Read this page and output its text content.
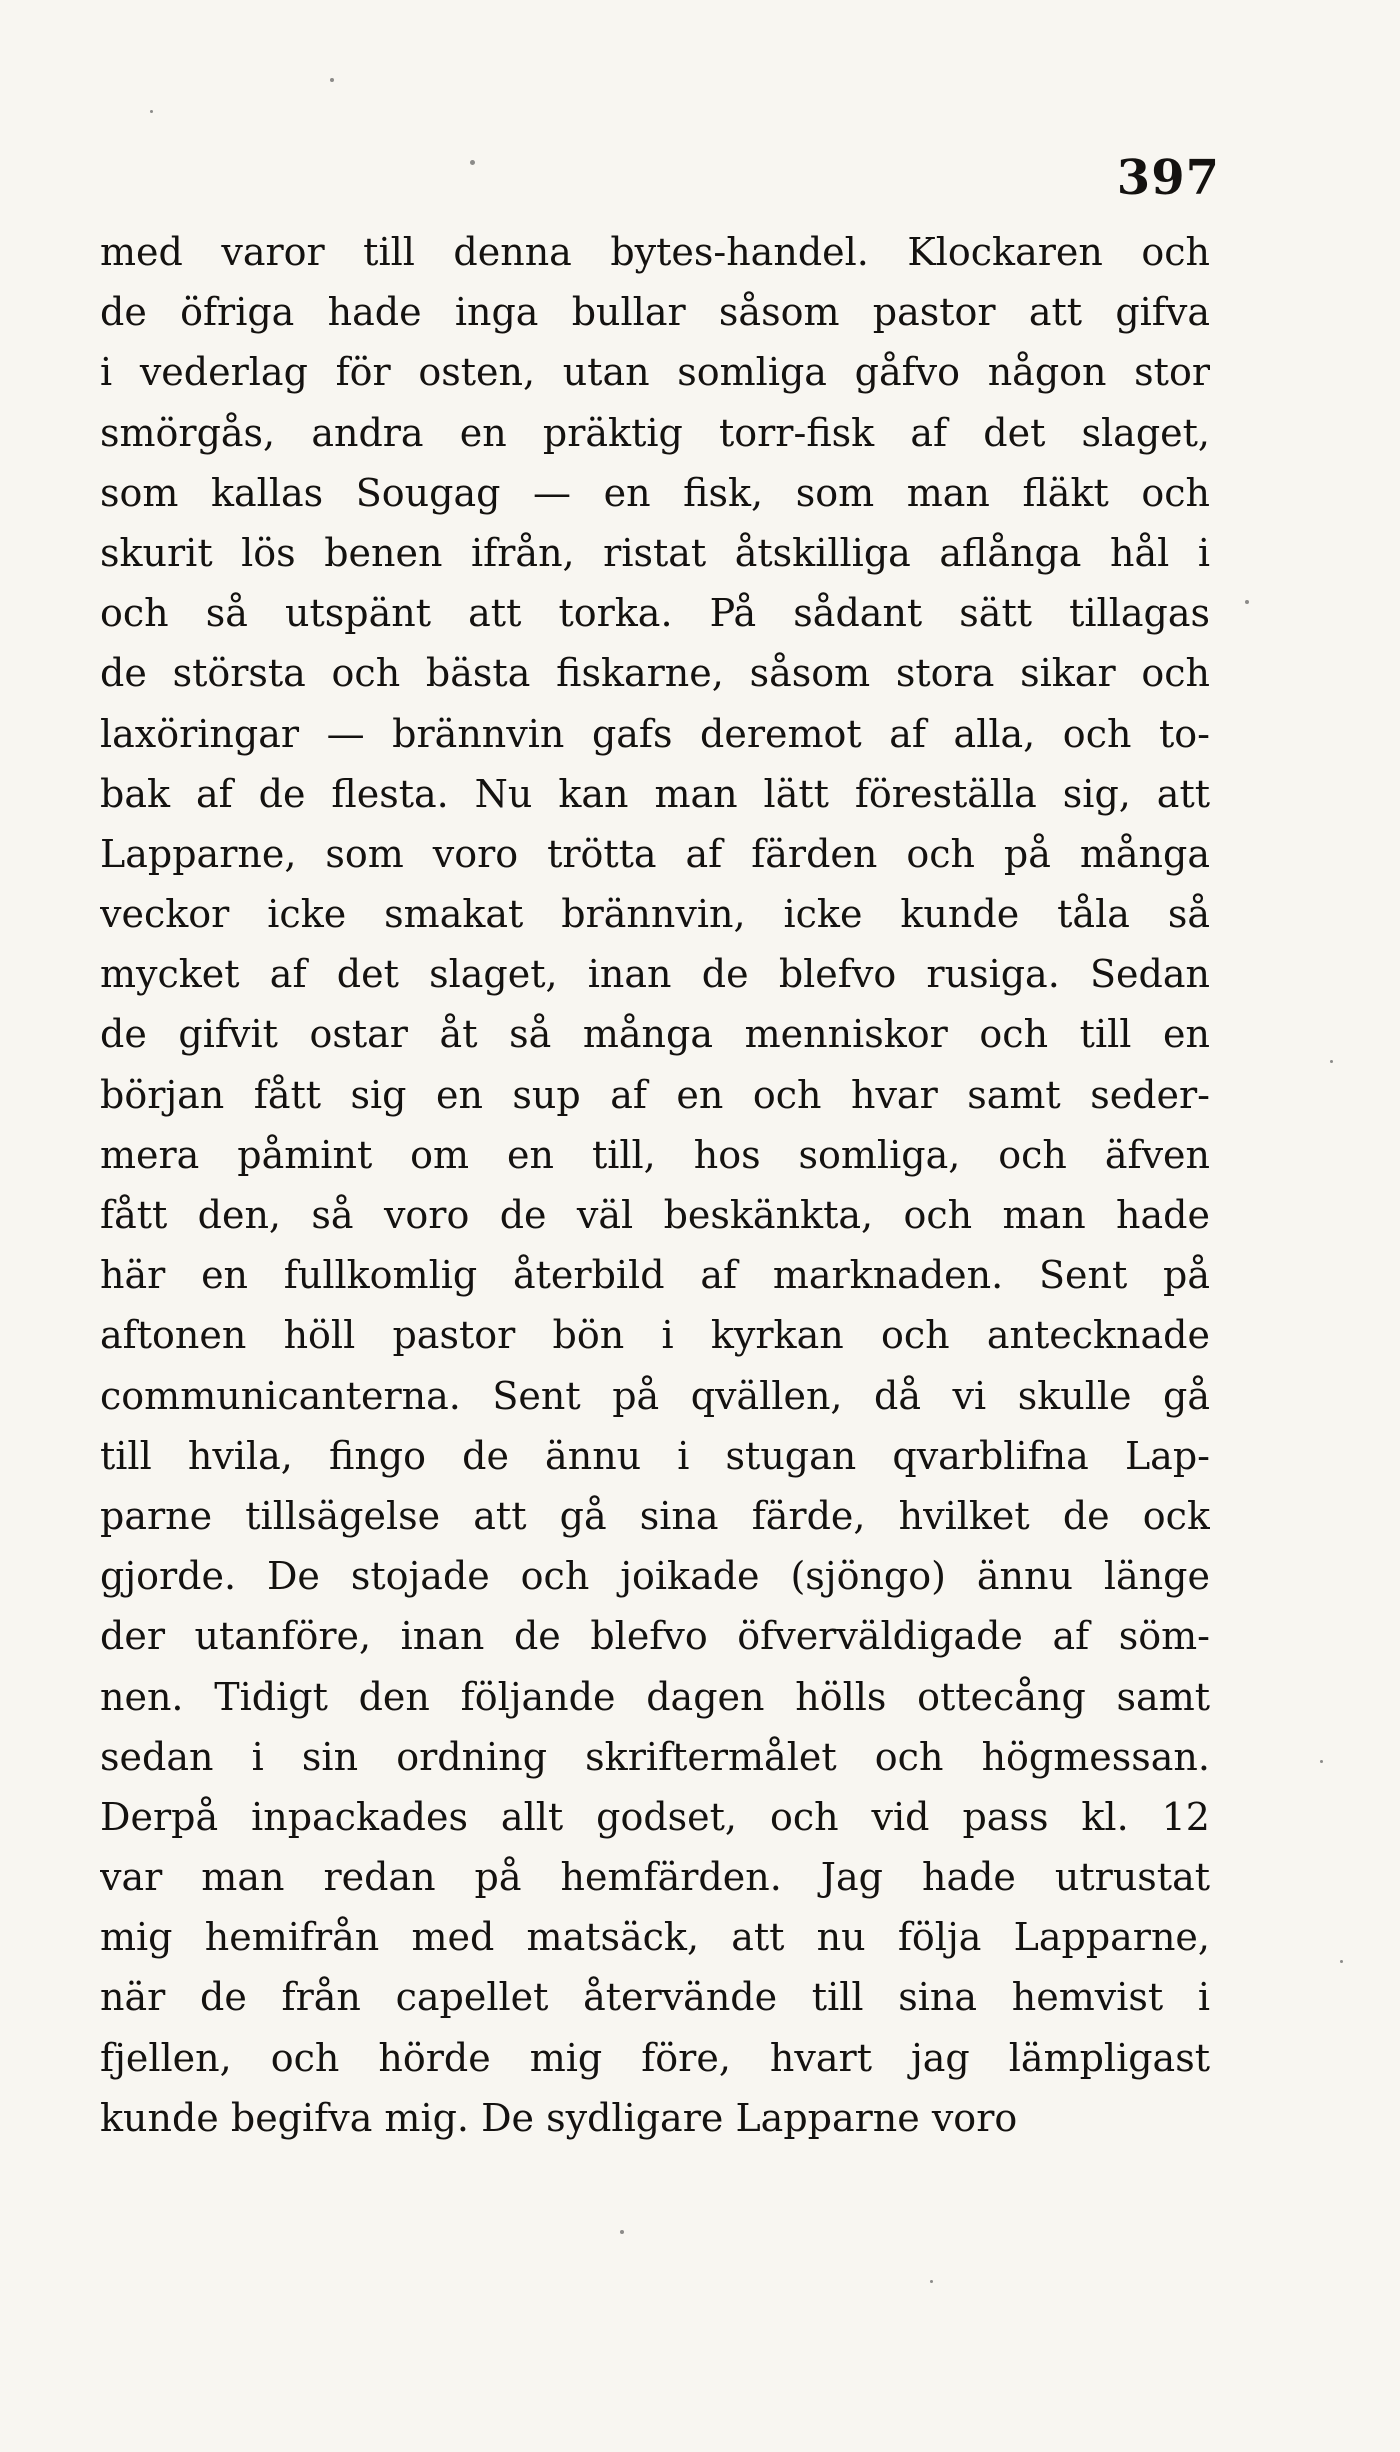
397
med varor till denna bytes-handel. Klockaren och
de öfriga hade inga bullar såsom pastor att gifva
i vederlag för osten, utan somliga gåfvo någon stor
smörgås, andra en präktig torr-fisk af det slaget,
som kallas Sougag — en fisk, som man fläkt och
skurit lös benen ifrån, ristat åtskilliga aflånga hål i
och så utspänt att torka. På sådant sätt tillagas
de största och bästa fiskarne, såsom stora sikar och
laxöringar — brännvin gafs deremot af alla, och to-
bak af de flesta. Nu kan man lätt föreställa sig, att
Lapparne, som voro trötta af färden och på många
veckor icke smakat brännvin, icke kunde tåla så
mycket af det slaget, inan de blefvo rusiga. Sedan
de gifvit ostar åt så många menniskor och till en
början fått sig en sup af en och hvar samt seder-
mera påmint om en till, hos somliga, och äfven
fått den, så voro de väl beskänkta, och man hade
här en fullkomlig återbild af marknaden. Sent på
aftonen höll pastor bön i kyrkan och antecknade
communicanterna. Sent på qvällen, då vi skulle gå
till hvila, fingo de ännu i stugan qvarblifna Lap-
parne tillsägelse att gå sina färde, hvilket de ock
gjorde. De stojade och joikade (sjöngo) ännu länge
der utanföre, inan de blefvo öfverväldigade af söm-
nen. Tidigt den följande dagen hölls otteсång samt
sedan i sin ordning skriftermålet och högmessan.
Derpå inpackades allt godset, och vid pass kl. 12
var man redan på hemfärden. Jag hade utrustat
mig hemifrån med matsäck, att nu följa Lapparne,
när de från capellet återvände till sina hemvist i
fjellen, och hörde mig före, hvart jag lämpligast
kunde begifva mig. De sydligare Lapparne voro
